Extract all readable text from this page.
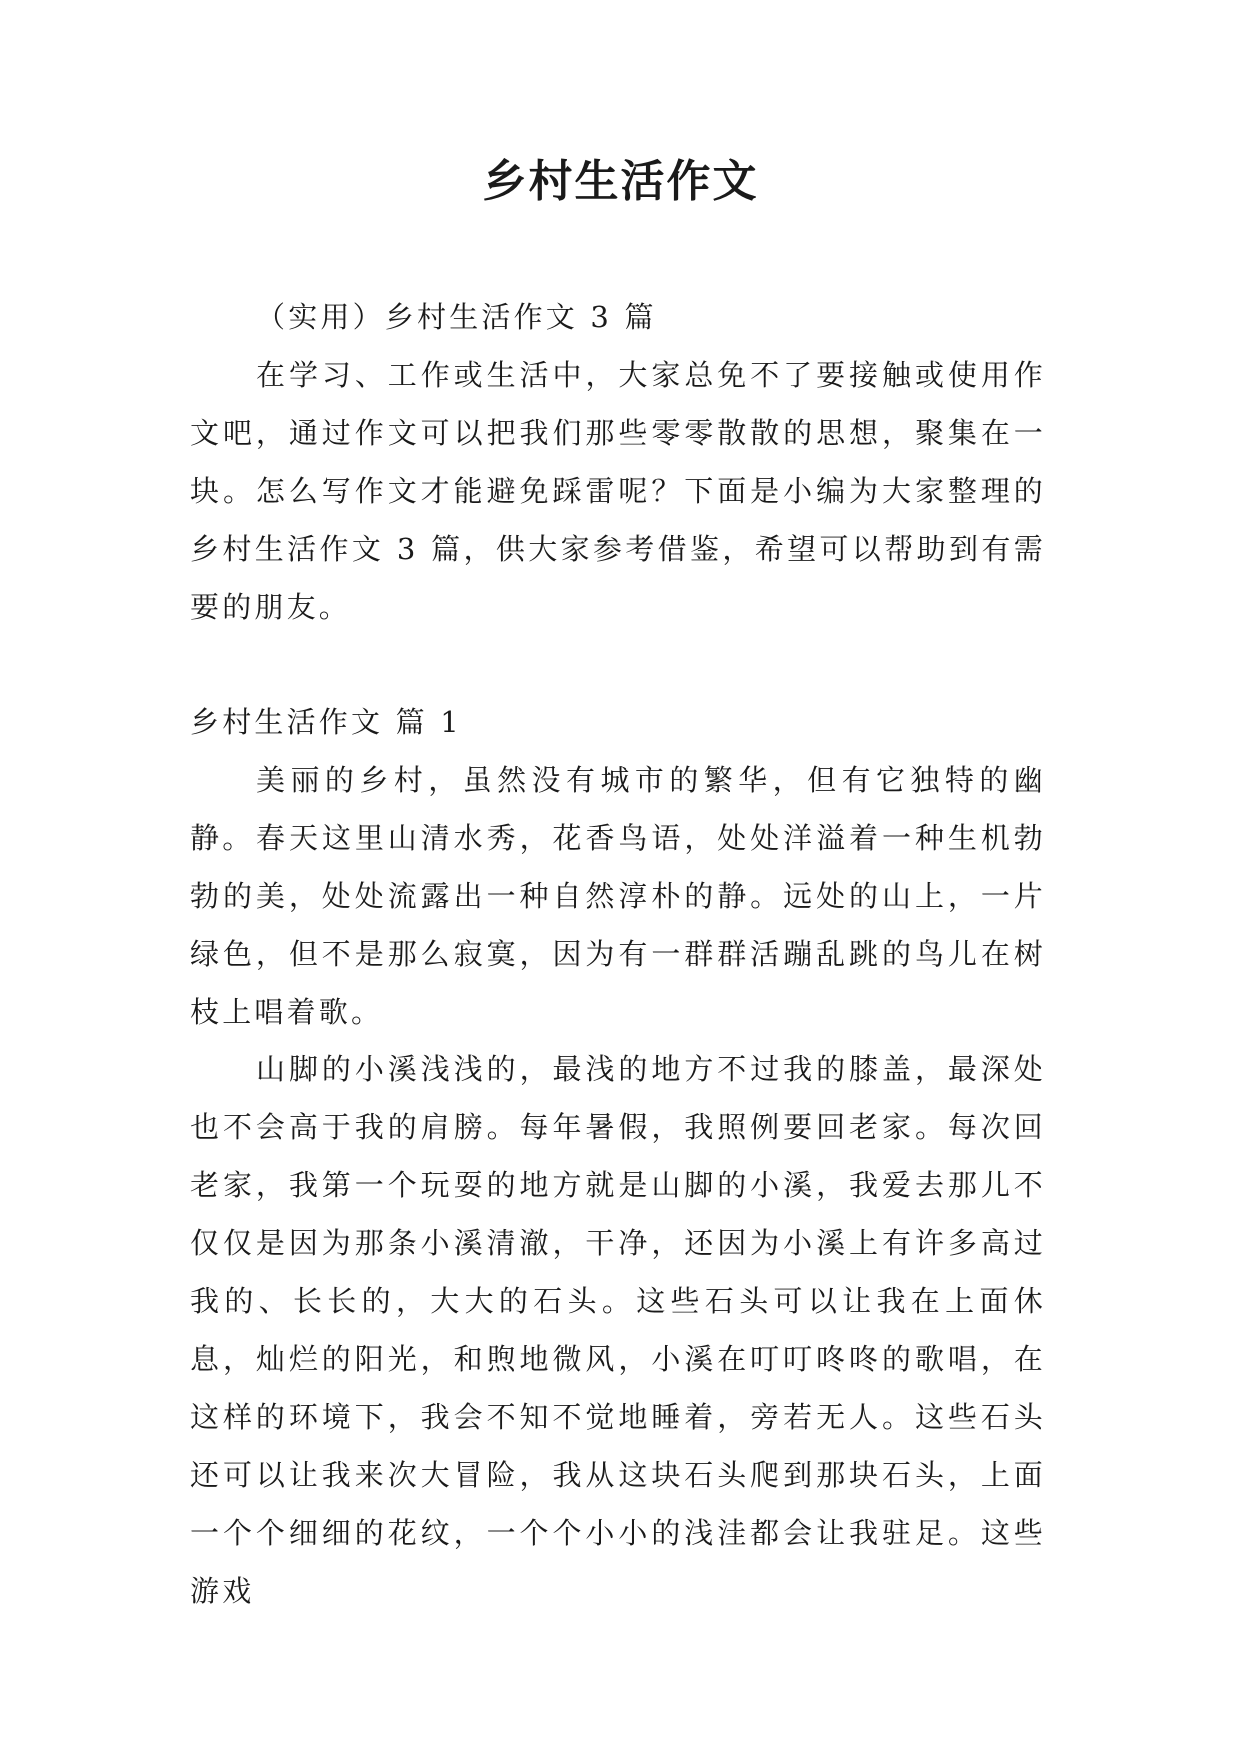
乡村生活作文

（实用）乡村生活作文 3 篇

在学习、工作或生活中，大家总免不了要接触或使用作文吧，通过作文可以把我们那些零零散散的思想，聚集在一块。怎么写作文才能避免踩雷呢？下面是小编为大家整理的乡村生活作文 3 篇，供大家参考借鉴，希望可以帮助到有需要的朋友。

乡村生活作文 篇 1

美丽的乡村，虽然没有城市的繁华，但有它独特的幽静。 春天这里山清水秀，花香鸟语，处处洋溢着一种生机勃勃的美，处处流露出一种自然淳朴的静。远处的山上，一片绿色，但不是那么寂寞，因为有一群群活蹦乱跳的鸟儿在树枝上唱着歌。

山脚的小溪浅浅的，最浅的地方不过我的膝盖，最深处也不会高于我的肩膀。每年暑假，我照例要回老家。每次回老家，我第一个玩耍的地方就是山脚的小溪，我爱去那儿不仅仅是因为那条小溪清澈，干净，还因为小溪上有许多高过我的、长长的，大大的石头。这些石头可以让我在上面休息，灿烂的阳光，和煦地微风，小溪在叮叮咚咚的歌唱，在这样的环境下，我会不知不觉地睡着，旁若无人。这些石头还可以让我来次大冒险，我从这块石头爬到那块石头，上面一个个细细的花纹，一个个小小的浅洼都会让我驻足。这些游戏
